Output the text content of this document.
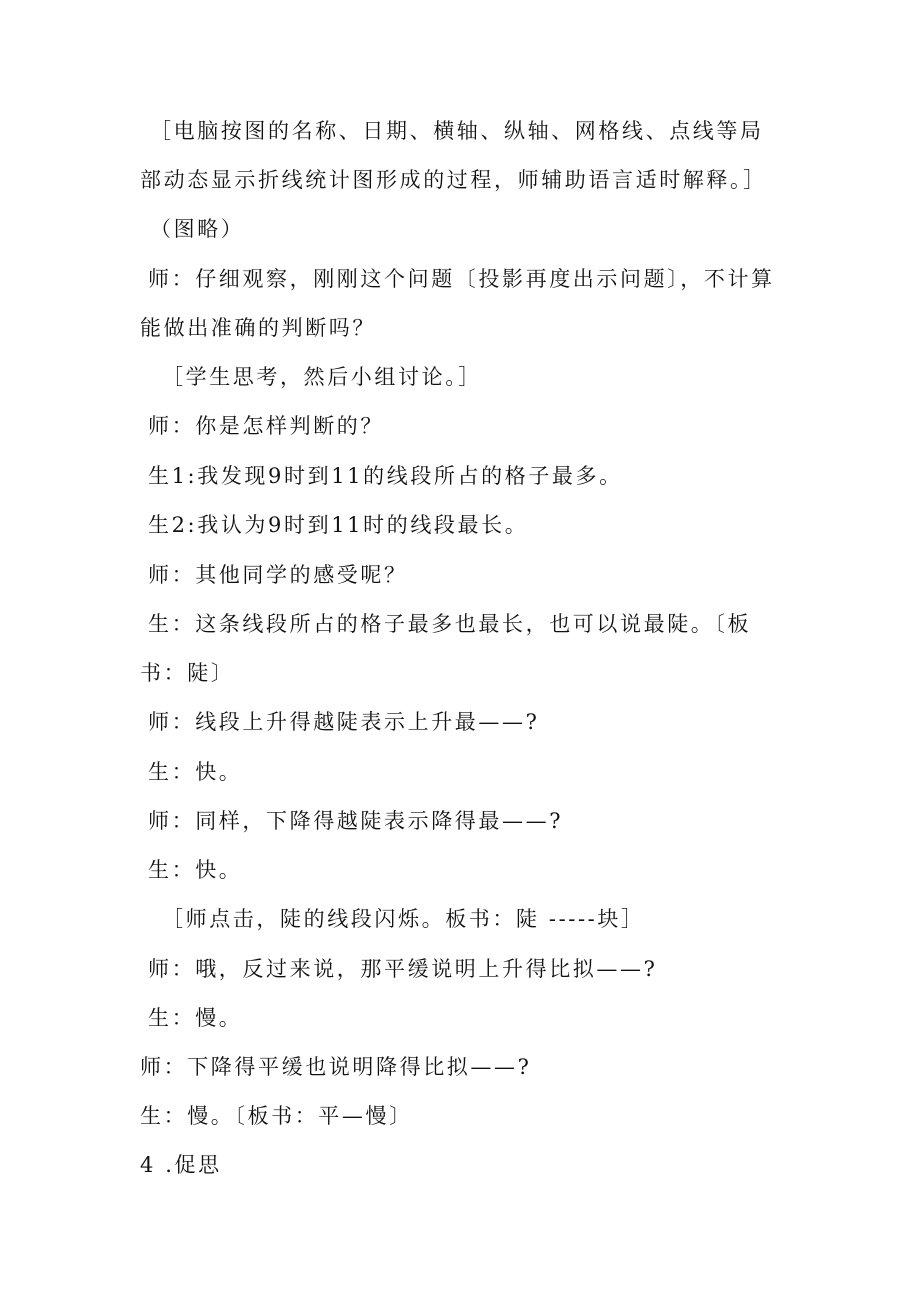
［电脑按图的名称、日期、横轴、纵轴、网格线、点线等局
部动态显示折线统计图形成的过程，师辅助语言适时解释。］
（图略）
师：仔细观察，刚刚这个问题〔投影再度出示问题〕，不计算
能做出准确的判断吗？
［学生思考，然后小组讨论。］
师：你是怎样判断的？
生1:我发现9时到11的线段所占的格子最多。
生2:我认为9时到11时的线段最长。
师：其他同学的感受呢？
生：这条线段所占的格子最多也最长，也可以说最陡。〔板
书：陡〕
师：线段上升得越陡表示上升最——?
生：快。
师：同样，下降得越陡表示降得最——?
生：快。
［师点击，陡的线段闪烁。板书：陡 -----块］
师：哦，反过来说，那平缓说明上升得比拟——?
生：慢。
师：下降得平缓也说明降得比拟——?
生：慢。〔板书：平—慢〕
4 .促思
